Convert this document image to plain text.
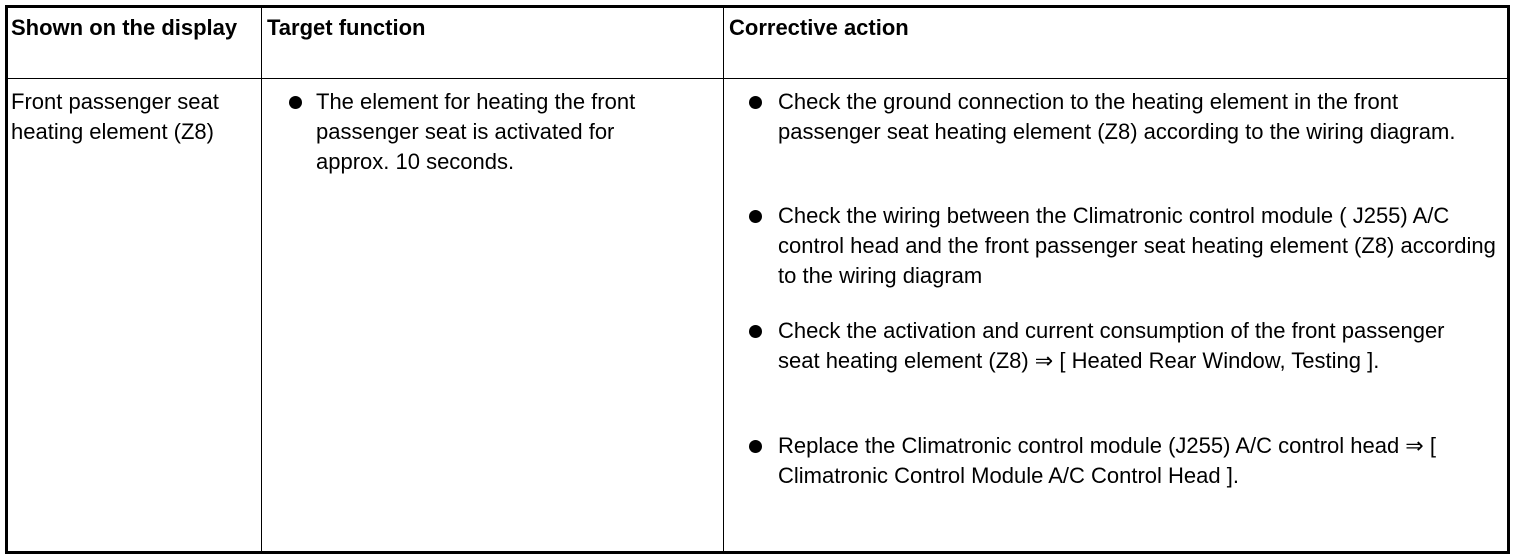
Shown on the display	Target function	Corrective action
Front passenger seat heating element (Z8)
The element for heating the front passenger seat is activated for approx. 10 seconds.
Check the ground connection to the heating element in the front passenger seat heating element (Z8) according to the wiring diagram.
Check the wiring between the Climatronic control module ( J255) A/C control head and the front passenger seat heating element (Z8) according to the wiring diagram
Check the activation and current consumption of the front passenger seat heating element (Z8) ⇒ [ Heated Rear Window, Testing ].
Replace the Climatronic control module (J255) A/C control head ⇒ [ Climatronic Control Module A/C Control Head ].
